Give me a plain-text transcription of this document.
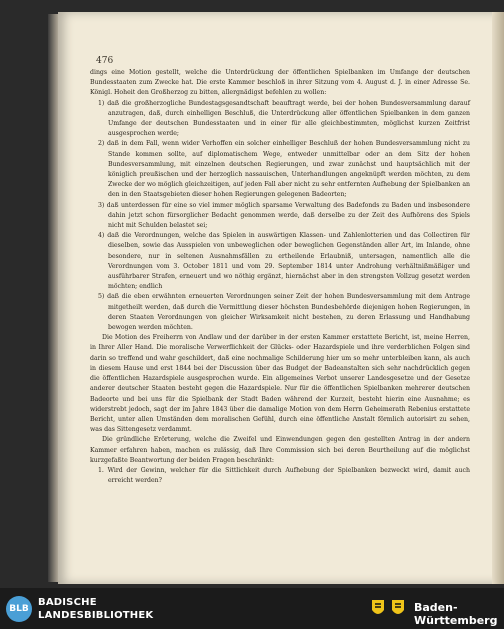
476

dings eine Motion gestellt, welche die Unterdrückung der öffentlichen Spielbanken im Umfange der deutschen Bundesstaaten zum Zwecke hat. Die erste Kammer beschloß in ihrer Sitzung vom 4. August d. J. in einer Adresse Se. Königl. Hoheit den Großherzog zu bitten, allergnädigst befehlen zu wollen:

1) daß die großherzogliche Bundestagsgesandtschaft beauftragt werde, bei der hohen Bundesversammlung darauf anzutragen, daß, durch einhelligen Beschluß, die Unterdrückung aller öffentlichen Spielbanken in dem ganzen Umfange der deutschen Bundesstaaten und in einer für alle gleichbestimmten, möglichst kurzen Zeitfrist ausgesprochen werde;

2) daß in dem Fall, wenn wider Verhoffen ein solcher einhelliger Beschluß der hohen Bundesversammlung nicht zu Stande kommen sollte, auf diplomatischem Wege, entweder unmittelbar oder an dem Sitz der hohen Bundesversammlung, mit einzelnen deutschen Regierungen, und zwar zunächst und hauptsächlich mit der königlich preußischen und der herzoglich nassauischen, Unterhandlungen angeknüpft werden möchten, zu dem Zwecke der wo möglich gleichzeitigen, auf jeden Fall aber nicht zu sehr entfernten Aufhebung der Spielbanken an den in den Staatsgebieten dieser hohen Regierungen gelegenen Badeorten;

3) daß unterdessen für eine so viel immer möglich sparsame Verwaltung des Badefonds zu Baden und insbesondere dahin jetzt schon fürsorglicher Bedacht genommen werde, daß derselbe zu der Zeit des Aufhörens des Spiels nicht mit Schulden belastet sei;

4) daß die Verordnungen, welche das Spielen in auswärtigen Klassen- und Zahlenlotterien und das Collectiren für dieselben, sowie das Ausspielen von unbeweglichen oder beweglichen Gegenständen aller Art, im Inlande, ohne besondere, nur in seltenen Ausnahmsfällen zu ertheilende Erlaubniß, untersagen, namentlich alle die Verordnungen vom 3. October 1811 und vom 29. September 1814 unter Androhung verhältnißmäßiger und ausführbarer Strafen, erneuert und wo nöthig ergänzt, hiernächst aber in den strengsten Vollzug gesetzt werden möchten; endlich

5) daß die eben erwähnten erneuerten Verordnungen seiner Zeit der hohen Bundesversammlung mit dem Antrage mitgetheilt werden, daß durch die Vermittlung dieser höchsten Bundesbehörde diejenigen hohen Regierungen, in deren Staaten Verordnungen von gleicher Wirksamkeit nicht bestehen, zu deren Erlassung und Handhabung bewogen werden möchten.

Die Motion des Freiherrn von Andlaw und der darüber in der ersten Kammer erstattete Bericht, ist, meine Herren, in Ihrer Aller Hand. Die moralische Verwerflichkeit der Glücks- oder Hazardspiele und ihre verderblichen Folgen sind darin so treffend und wahr geschildert, daß eine nochmalige Schilderung hier um so mehr unterbleiben kann, als auch in diesem Hause und erst 1844 bei der Discussion über das Budget der Badeanstalten sich sehr nachdrücklich gegen die öffentlichen Hazardspiele ausgesprochen wurde. Ein allgemeines Verbot unserer Landesgesetze und der Gesetze anderer deutscher Staaten besteht gegen die Hazardspiele. Nur für die öffentlichen Spielbanken mehrerer deutschen Badeorte und bei uns für die Spielbank der Stadt Baden während der Kurzeit, besteht hierin eine Ausnahme; es widerstrebt jedoch, sagt der im Jahre 1843 über die damalige Motion von dem Herrn Geheimerath Rebenius erstattete Bericht, unter allen Umständen dem moralischen Gefühl, durch eine öffentliche Anstalt förmlich autorisirt zu sehen, was das Sittengesetz verdammt.

Die gründliche Erörterung, welche die Zweifel und Einwendungen gegen den gestellten Antrag in der andern Kammer erfahren haben, machen es zulässig, daß Ihre Commission sich bei deren Beurtheilung auf die möglichst kurzgefaßte Beantwortung der beiden Fragen beschränkt:

1. Wird der Gewinn, welcher für die Sittlichkeit durch Aufhebung der Spielbanken bezweckt wird, damit auch erreicht werden?

BLB
BADISCHE
LANDESBIBLIOTHEK
Baden-Württemberg
